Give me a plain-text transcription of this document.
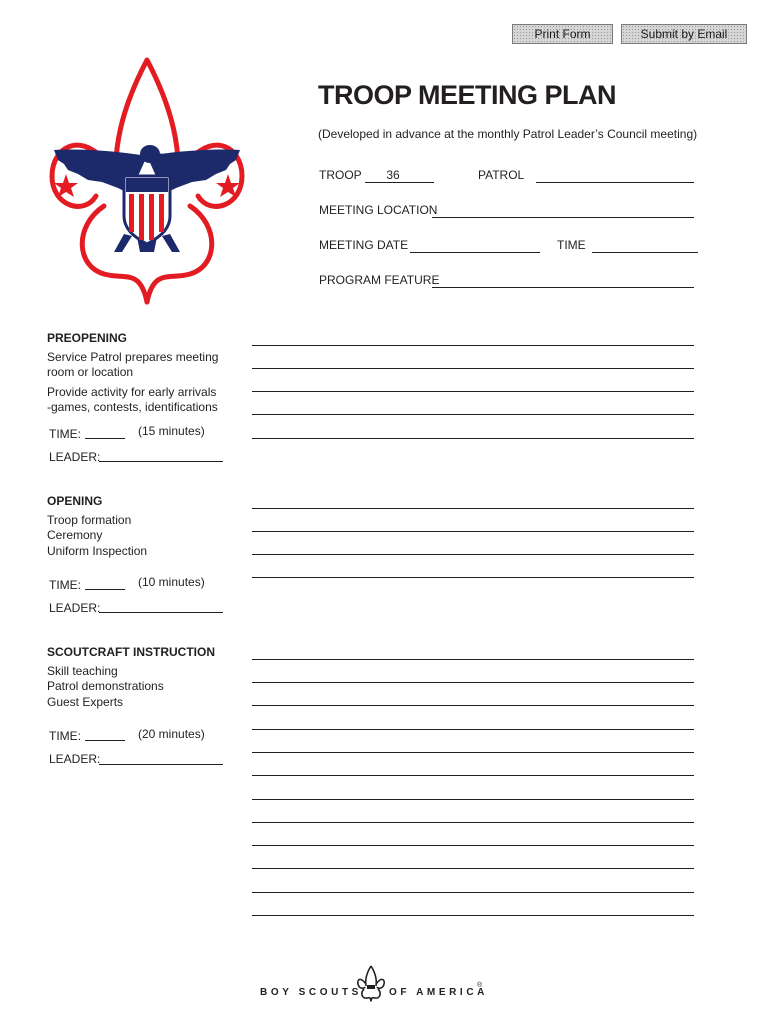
Print Form	Submit by Email
TROOP MEETING PLAN
(Developed in advance at the monthly Patrol Leader’s Council meeting)
TROOP	36	PATROL
MEETING LOCATION
MEETING DATE	TIME
PROGRAM FEATURE
PREOPENING
Service Patrol prepares meeting
room or location
Provide activity for early arrivals
-games, contests, identifications
TIME:	(15 minutes)
LEADER:
OPENING
Troop formation
Ceremony
Uniform Inspection
TIME:	(10 minutes)
LEADER:
SCOUTCRAFT INSTRUCTION
Skill teaching
Patrol demonstrations
Guest Experts
TIME:	(20 minutes)
LEADER:
BOY SCOUTS	OF AMERICA
®
